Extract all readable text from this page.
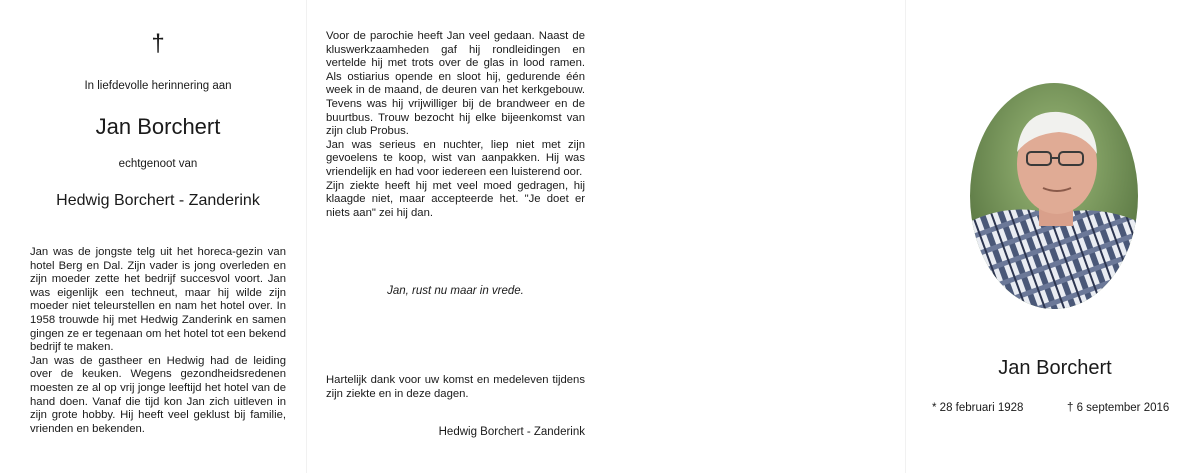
†
In liefdevolle herinnering aan
Jan Borchert
echtgenoot van
Hedwig Borchert - Zanderink

Jan was de jongste telg uit het horeca-gezin van hotel Berg en Dal. Zijn vader is jong overleden en zijn moeder zette het bedrijf succesvol voort. Jan was eigenlijk een techneut, maar hij wilde zijn moeder niet teleurstellen en nam het hotel over. In 1958 trouwde hij met Hedwig Zanderink en samen gingen ze er tegenaan om het hotel tot een bekend bedrijf te maken.

Jan was de gastheer en Hedwig had de leiding over de keuken. Wegens gezondheidsredenen moesten ze al op vrij jonge leeftijd het hotel van de hand doen. Vanaf die tijd kon Jan zich uitleven in zijn grote hobby. Hij heeft veel geklust bij familie, vrienden en bekenden.

Voor de parochie heeft Jan veel gedaan. Naast de kluswerkzaamheden gaf hij rondleidingen en vertelde hij met trots over de glas in lood ramen. Als ostiarius opende en sloot hij, gedurende één week in de maand, de deuren van het kerkgebouw. Tevens was hij vrijwilliger bij de brandweer en de buurtbus. Trouw bezocht hij elke bijeenkomst van zijn club Probus.

Jan was serieus en nuchter, liep niet met zijn gevoelens te koop, wist van aanpakken. Hij was vriendelijk en had voor iedereen een luisterend oor.

Zijn ziekte heeft hij met veel moed gedragen, hij klaagde niet, maar accepteerde het. "Je doet er niets aan" zei hij dan.

Jan, rust nu maar in vrede.
Hartelijk dank voor uw komst en medeleven tijdens zijn ziekte en in deze dagen.
Hedwig Borchert - Zanderink
Jan Borchert
* 28 februari 1928	† 6 september 2016
